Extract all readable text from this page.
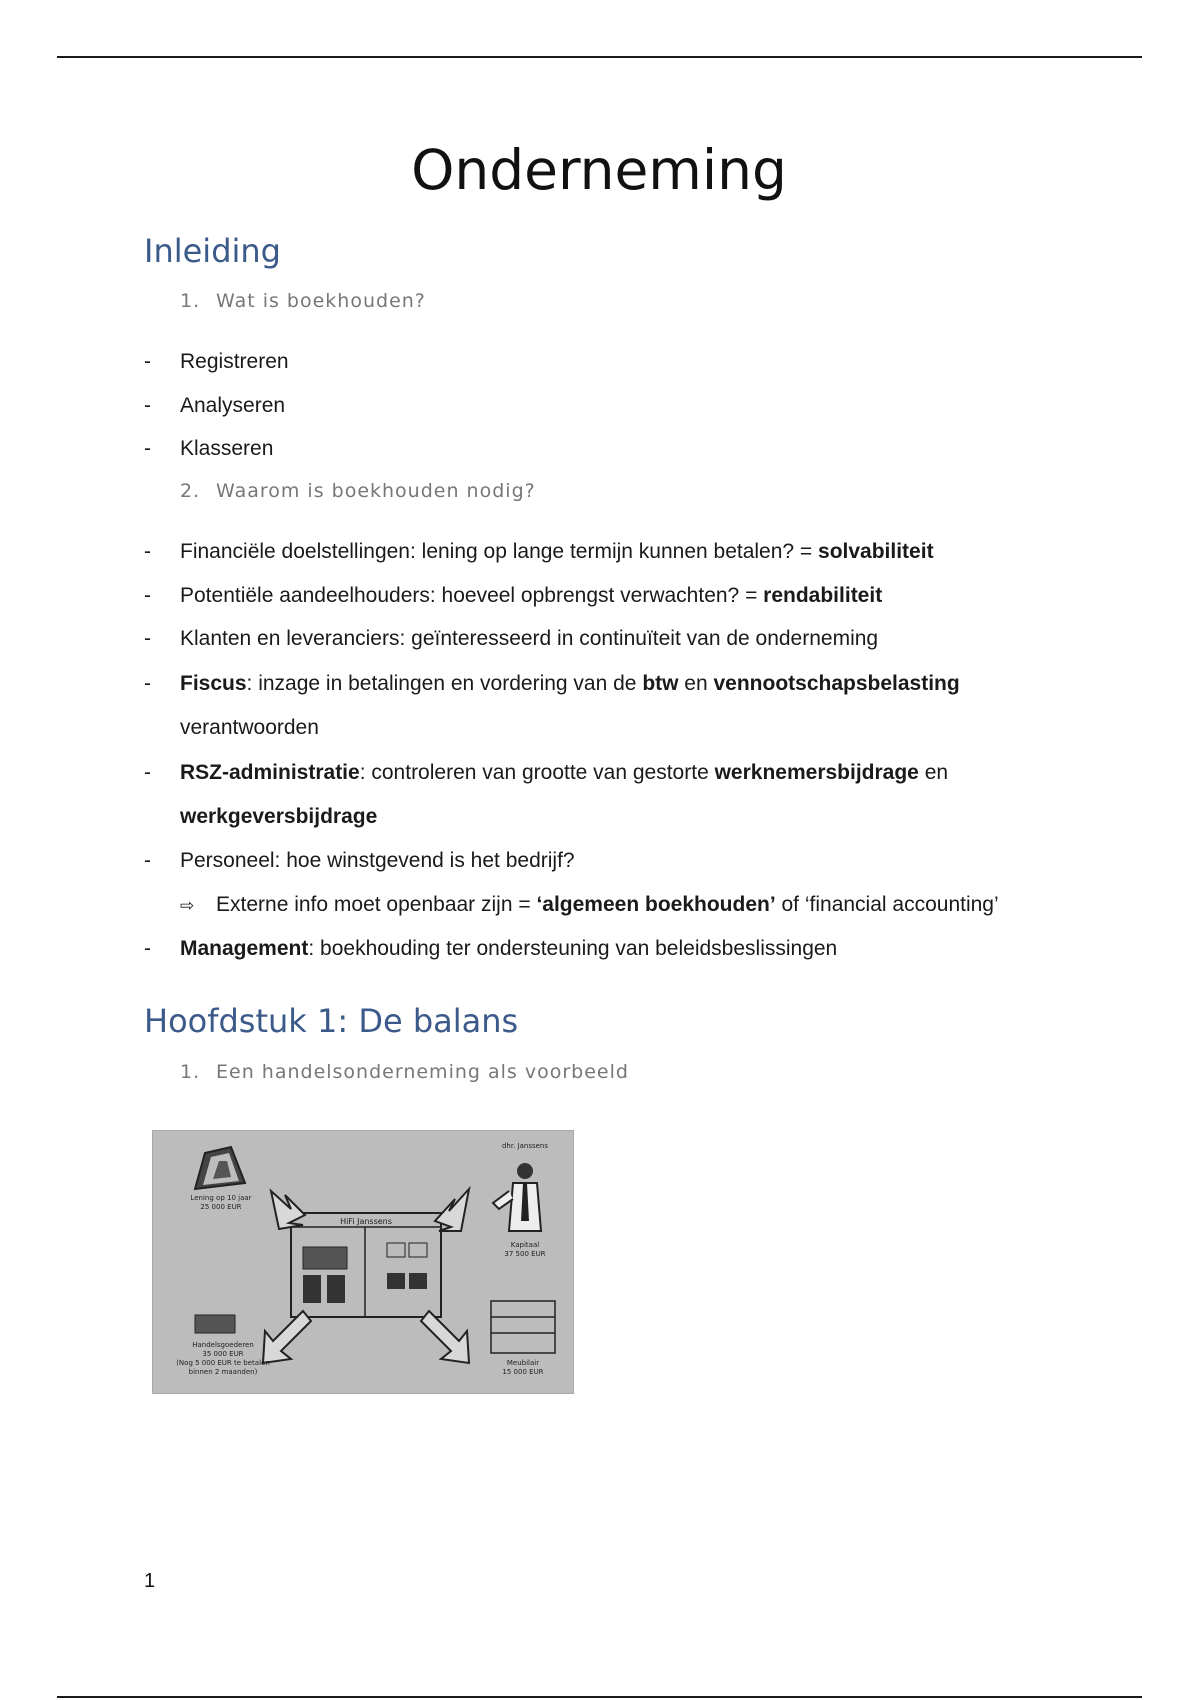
Onderneming
Inleiding
1. Wat is boekhouden?
- Registreren
- Analyseren
- Klasseren
2. Waarom is boekhouden nodig?
- Financiële doelstellingen: lening op lange termijn kunnen betalen? = solvabiliteit
- Potentiële aandeelhouders: hoeveel opbrengst verwachten? = rendabiliteit
- Klanten en leveranciers: geïnteresseerd in continuïteit van de onderneming
- Fiscus: inzage in betalingen en vordering van de btw en vennootschapsbelasting
verantwoorden
- RSZ-administratie: controleren van grootte van gestorte werknemersbijdrage en
werkgeversbijdrage
- Personeel: hoe winstgevend is het bedrijf?
⇨ Externe info moet openbaar zijn = ‘algemeen boekhouden’ of ‘financial accounting’
- Management: boekhouding ter ondersteuning van beleidsbeslissingen
Hoofdstuk 1: De balans
1. Een handelsonderneming als voorbeeld
Lening op 10 jaar
25 000 EUR
dhr. Janssens
Kapitaal
37 500 EUR
HiFi Janssens
Handelsgoederen
35 000 EUR
(Nog 5 000 EUR te betalen
binnen 2 maanden)
Meubilair
15 000 EUR
1
